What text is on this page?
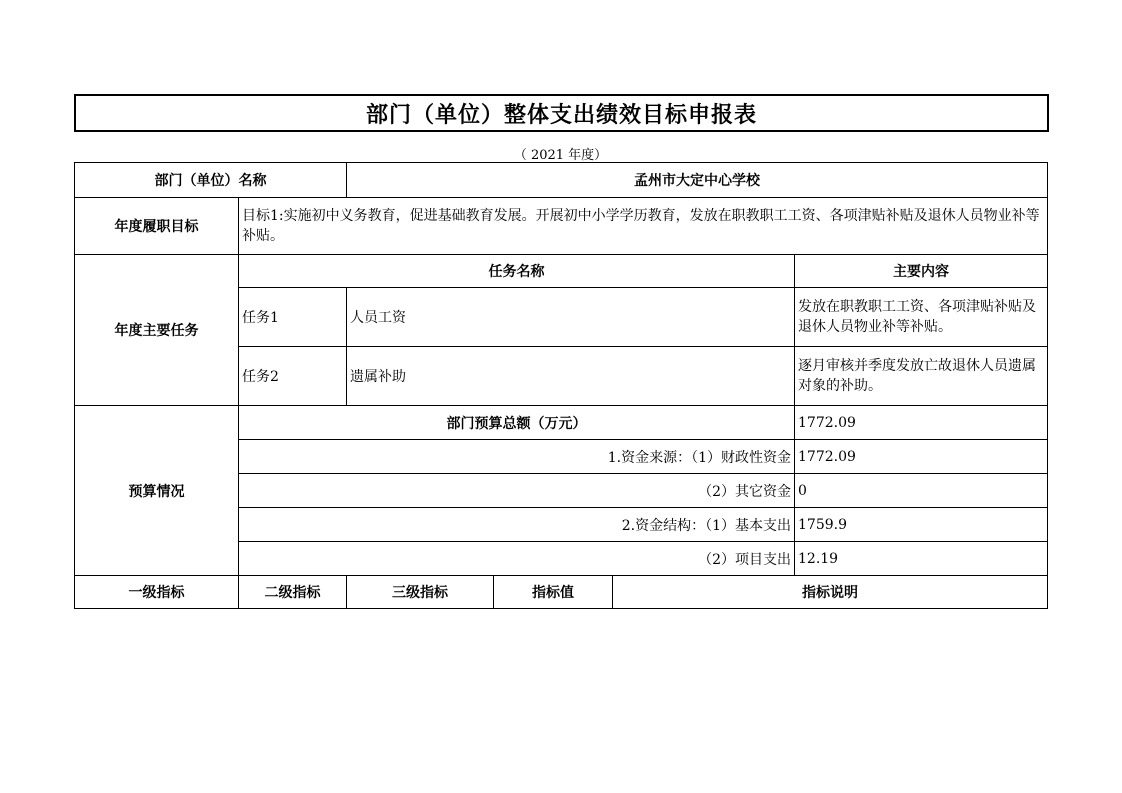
部门（单位）整体支出绩效目标申报表
（ 2021 年度）
部门（单位）名称		孟州市大定中心学校			
年度履职目标	目标1:实施初中义务教育，促进基础教育发展。开展初中小学学历教育，发放在职教职工工资、各项津贴补贴及退休人员物业补等补贴。				
年度主要任务	任务名称				主要内容
	任务1	人员工资			发放在职教职工工资、各项津贴补贴及退休人员物业补等补贴。
	任务2	遗属补助			逐月审核并季度发放亡故退休人员遗属对象的补助。
预算情况	部门预算总额（万元）				1772.09
	1.资金来源：（1）财政性资金				1772.09
	（2）其它资金				0
	2.资金结构：（1）基本支出				1759.9
	（2）项目支出				12.19
一级指标	二级指标	三级指标	指标值	指标说明	
